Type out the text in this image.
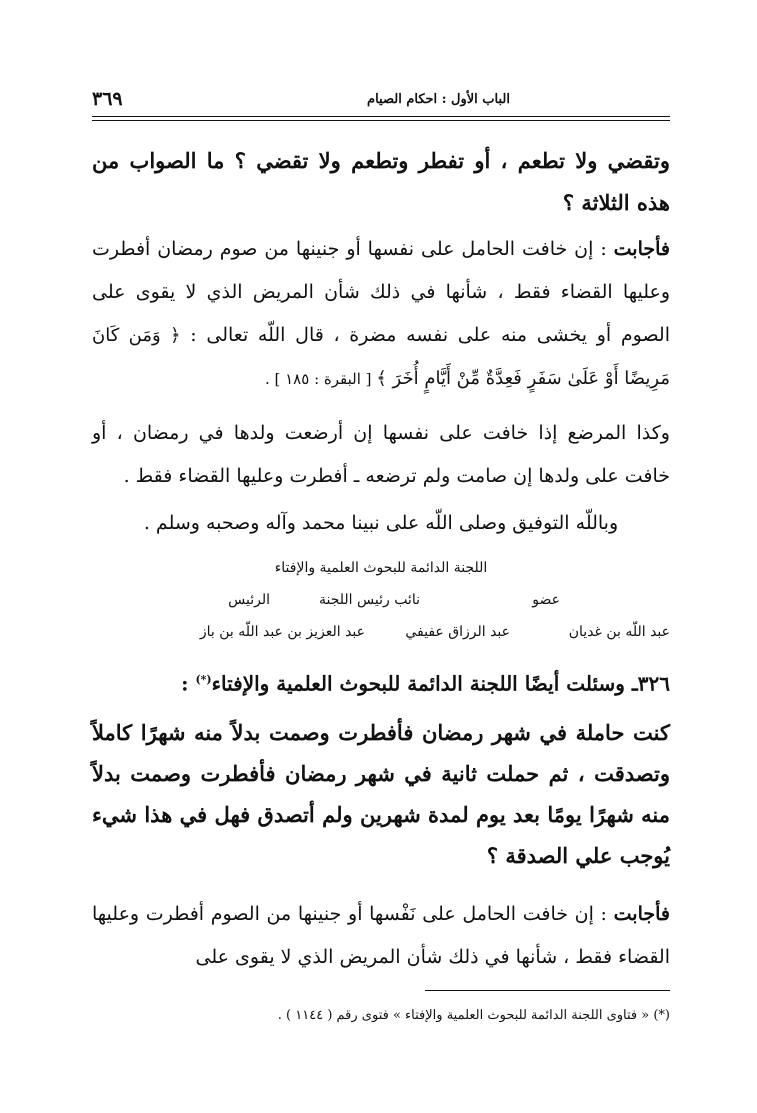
٣٦٩	الباب الأول : احكام الصيام
وتقضي ولا تطعم ، أو تفطر وتطعم ولا تقضي ؟ ما الصواب من هذه الثلاثة ؟
فأجابت : إن خافت الحامل على نفسها أو جنينها من صوم رمضان أفطرت وعليها القضاء فقط ، شأنها في ذلك شأن المريض الذي لا يقوى على الصوم أو يخشى منه على نفسه مضرة ، قال اللّه تعالى : ﴿ وَمَن كَانَ مَرِيضًا أَوْ عَلَىٰ سَفَرٍ فَعِدَّةٌ مِّنْ أَيَّامٍ أُخَرَ ﴾ [ البقرة : ١٨٥ ] .
وكذا المرضع إذا خافت على نفسها إن أرضعت ولدها في رمضان ، أو خافت على ولدها إن صامت ولم ترضعه ـ أفطرت وعليها القضاء فقط .
وباللّه التوفيق وصلى اللّه على نبينا محمد وآله وصحبه وسلم .
اللجنة الدائمة للبحوث العلمية والإفتاء
عضو
نائب رئيس اللجنة
الرئيس
عبد اللّه بن غديان
عبد الرزاق عفيفي
عبد العزيز بن عبد اللّه بن باز
٣٢٦ـ وسئلت أيضًا اللجنة الدائمة للبحوث العلمية والإفتاء(*) :
كنت حاملة في شهر رمضان فأفطرت وصمت بدلاً منه شهرًا كاملاً وتصدقت ، ثم حملت ثانية في شهر رمضان فأفطرت وصمت بدلاً منه شهرًا يومًا بعد يوم لمدة شهرين ولم أتصدق فهل في هذا شيء يُوجب علي الصدقة ؟
فأجابت : إن خافت الحامل على نَفْسها أو جنينها من الصوم أفطرت وعليها القضاء فقط ، شأنها في ذلك شأن المريض الذي لا يقوى على
(*) « فتاوى اللجنة الدائمة للبحوث العلمية والإفتاء » فتوى رقم ( ١١٤٤ ) .
